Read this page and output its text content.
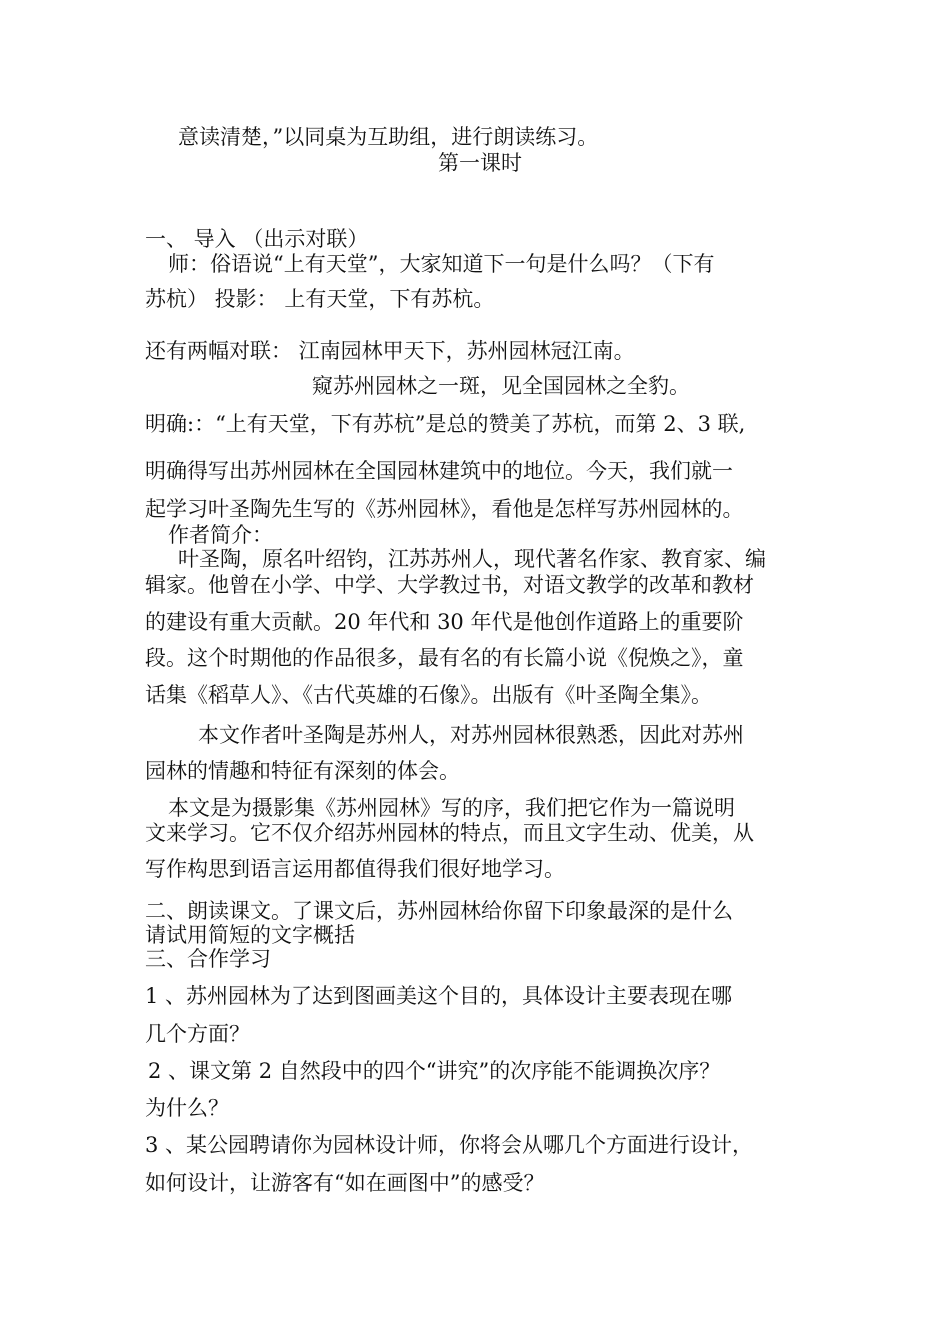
意读清楚，”以同桌为互助组，进行朗读练习。
第一课时
一、 导入 （出示对联）
师：俗语说“上有天堂”，大家知道下一句是什么吗？（下有
苏杭） 投影： 上有天堂，下有苏杭。
还有两幅对联： 江南园林甲天下，苏州园林冠江南。
窥苏州园林之一斑，见全国园林之全豹。
明确:：“上有天堂，下有苏杭”是总的赞美了苏杭，而第 2、3 联,
明确得写出苏州园林在全国园林建筑中的地位。今天，我们就一
起学习叶圣陶先生写的《苏州园林》，看他是怎样写苏州园林的。
作者简介：
叶圣陶，原名叶绍钧，江苏苏州人，现代著名作家、教育家、编
辑家。他曾在小学、中学、大学教过书，对语文教学的改革和教材
的建设有重大贡献。20 年代和 30 年代是他创作道路上的重要阶
段。这个时期他的作品很多，最有名的有长篇小说《倪焕之》，童
话集《稻草人》、《古代英雄的石像》。出版有《叶圣陶全集》。
本文作者叶圣陶是苏州人，对苏州园林很熟悉，因此对苏州
园林的情趣和特征有深刻的体会。
本文是为摄影集《苏州园林》写的序，我们把它作为一篇说明
文来学习。它不仅介绍苏州园林的特点，而且文字生动、优美，从
写作构思到语言运用都值得我们很好地学习。
二、朗读课文。了课文后，苏州园林给你留下印象最深的是什么
请试用简短的文字概括
三、合作学习
1 、苏州园林为了达到图画美这个目的，具体设计主要表现在哪
几个方面？
2 、课文第 2 自然段中的四个“讲究”的次序能不能调换次序？
为什么？
3 、某公园聘请你为园林设计师，你将会从哪几个方面进行设计，
如何设计，让游客有“如在画图中”的感受？
